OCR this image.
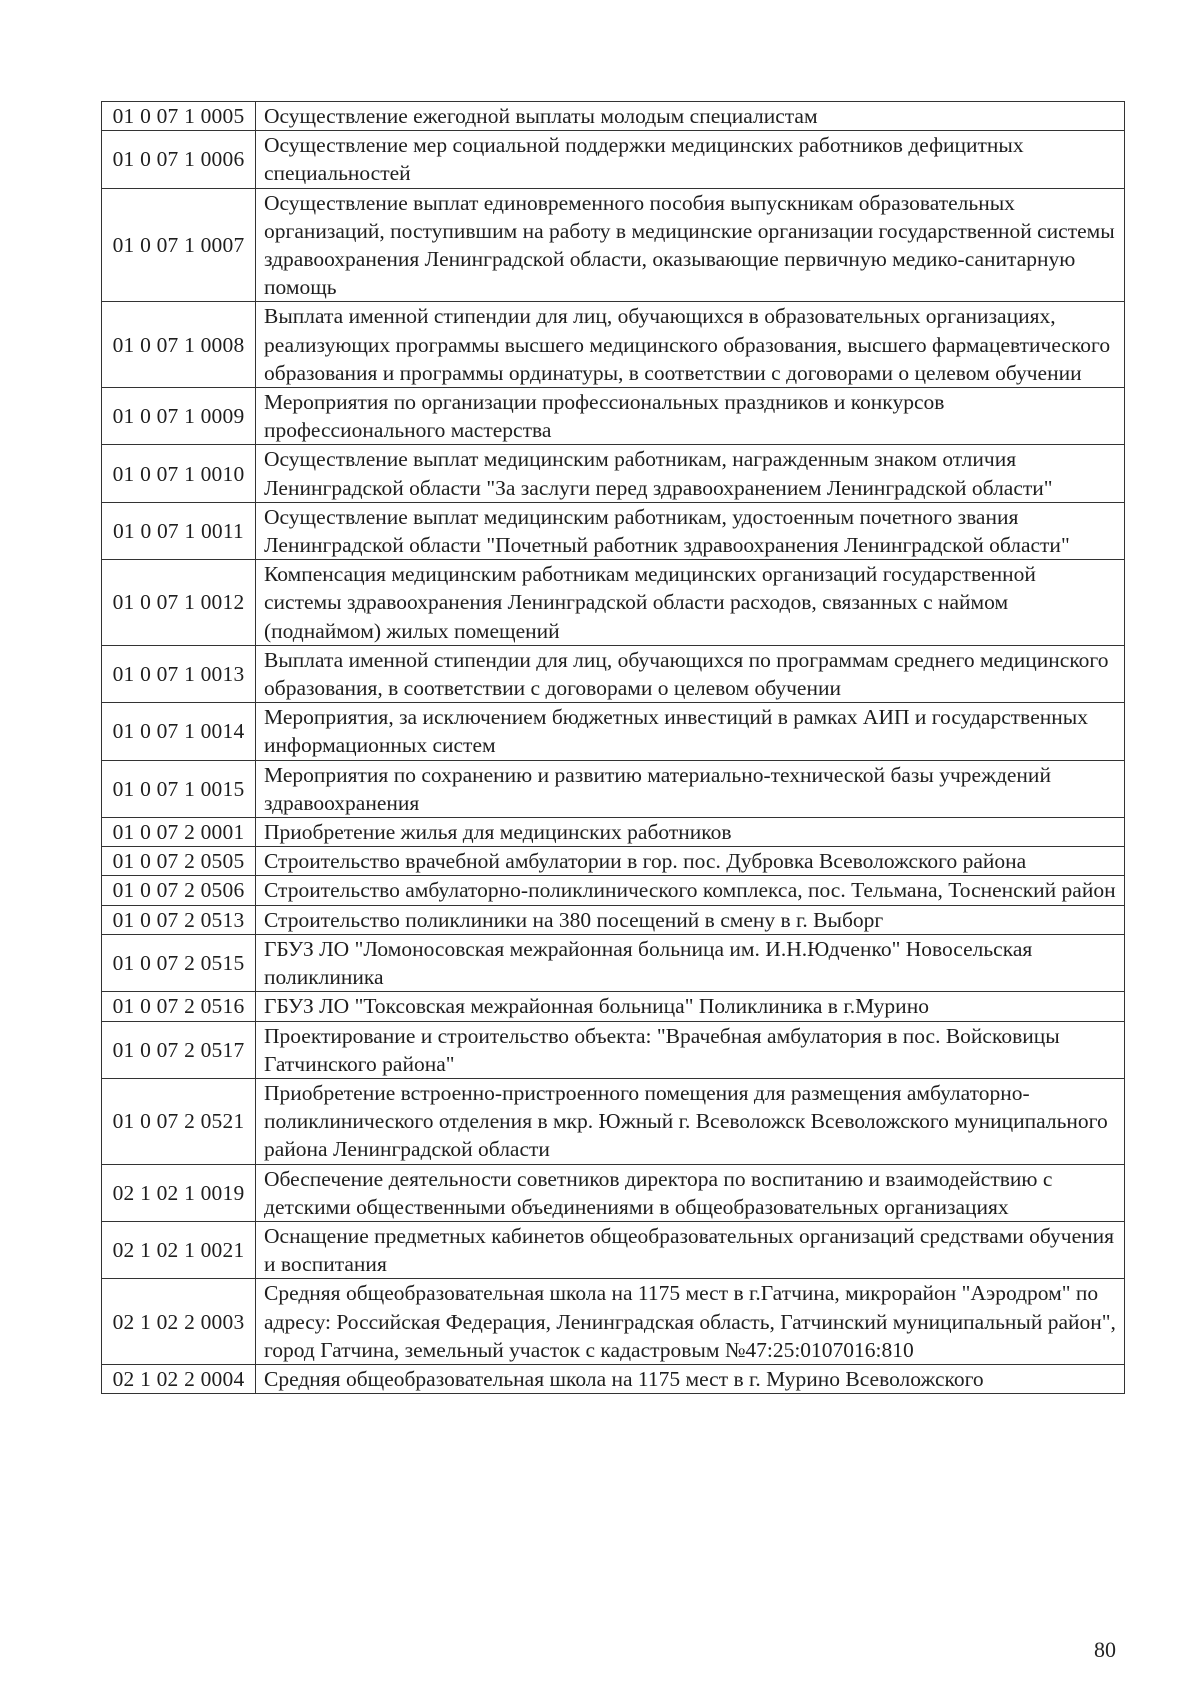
01 0 07 1 0005	Осуществление ежегодной выплаты молодым специалистам
01 0 07 1 0006	Осуществление мер социальной поддержки медицинских работников дефицитных специальностей
01 0 07 1 0007	Осуществление выплат единовременного пособия выпускникам образовательных организаций, поступившим на работу в медицинские организации государственной системы здравоохранения Ленинградской области, оказывающие первичную медико-санитарную помощь
01 0 07 1 0008	Выплата именной стипендии для лиц, обучающихся в образовательных организациях, реализующих программы высшего медицинского образования, высшего фармацевтического образования и программы ординатуры, в соответствии с договорами о целевом обучении
01 0 07 1 0009	Мероприятия по организации профессиональных праздников и конкурсов профессионального мастерства
01 0 07 1 0010	Осуществление выплат медицинским работникам, награжденным знаком отличия Ленинградской области "За заслуги перед здравоохранением Ленинградской области"
01 0 07 1 0011	Осуществление выплат медицинским работникам, удостоенным почетного звания Ленинградской области "Почетный работник здравоохранения Ленинградской области"
01 0 07 1 0012	Компенсация медицинским работникам медицинских организаций государственной системы здравоохранения Ленинградской области расходов, связанных с наймом (поднаймом) жилых помещений
01 0 07 1 0013	Выплата именной стипендии для лиц, обучающихся по программам среднего медицинского образования, в соответствии с договорами о целевом обучении
01 0 07 1 0014	Мероприятия, за исключением бюджетных инвестиций в рамках АИП и государственных информационных систем
01 0 07 1 0015	Мероприятия по сохранению и развитию материально-технической базы учреждений здравоохранения
01 0 07 2 0001	Приобретение жилья для медицинских работников
01 0 07 2 0505	Строительство врачебной амбулатории в гор. пос. Дубровка Всеволожского района
01 0 07 2 0506	Строительство амбулаторно-поликлинического комплекса, пос. Тельмана, Тосненский район
01 0 07 2 0513	Строительство поликлиники на 380 посещений в смену в г. Выборг
01 0 07 2 0515	ГБУЗ ЛО "Ломоносовская межрайонная больница им. И.Н.Юдченко" Новосельская поликлиника
01 0 07 2 0516	ГБУЗ ЛО "Токсовская межрайонная больница" Поликлиника в г.Мурино
01 0 07 2 0517	Проектирование и строительство объекта: "Врачебная амбулатория в пос. Войсковицы Гатчинского района"
01 0 07 2 0521	Приобретение встроенно-пристроенного помещения для размещения амбулаторно-поликлинического отделения в мкр. Южный г. Всеволожск Всеволожского муниципального района Ленинградской области
02 1 02 1 0019	Обеспечение деятельности советников директора по воспитанию и взаимодействию с детскими общественными объединениями в общеобразовательных организациях
02 1 02 1 0021	Оснащение предметных кабинетов общеобразовательных организаций средствами обучения и воспитания
02 1 02 2 0003	Средняя общеобразовательная школа на 1175 мест в г.Гатчина, микрорайон "Аэродром" по адресу: Российская Федерация, Ленинградская область, Гатчинский муниципальный район", город Гатчина, земельный участок с кадастровым №47:25:0107016:810
02 1 02 2 0004	Средняя общеобразовательная школа на 1175 мест в г. Мурино Всеволожского
80
